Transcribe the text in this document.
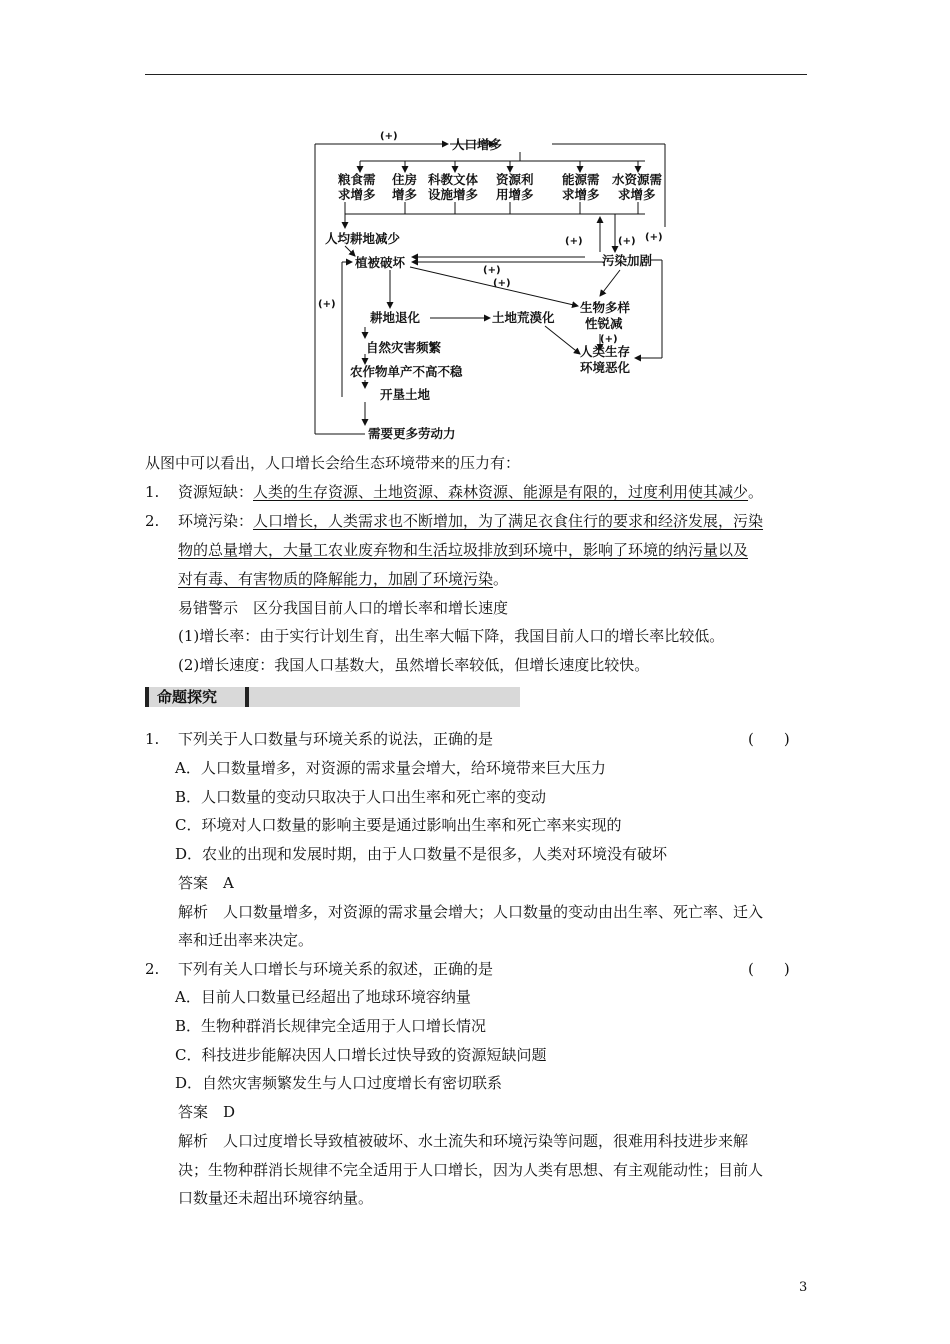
(+)
人口增多
粮食需
求增多
住房
增多
科教文体
设施增多
资源利
用增多
能源需
求增多
水资源需
求增多
人均耕地减少
植被破坏	污染加剧
(+)	(+) (+)
(+)
(+)
(+)	生物多样
性锐减
耕地退化	土地荒漠化
(+)
自然灾害频繁	人类生存
环境恶化
农作物单产不高不稳
开垦土地
需要更多劳动力
从图中可以看出，人口增长会给生态环境带来的压力有：
1. 资源短缺：人类的生存资源、土地资源、森林资源、能源是有限的，过度利用使其减少。
2. 环境污染：人口增长，人类需求也不断增加，为了满足衣食住行的要求和经济发展，污染
物的总量增大，大量工农业废弃物和生活垃圾排放到环境中，影响了环境的纳污量以及
对有毒、有害物质的降解能力，加剧了环境污染。
易错警示　区分我国目前人口的增长率和增长速度
(1)增长率：由于实行计划生育，出生率大幅下降，我国目前人口的增长率比较低。
(2)增长速度：我国人口基数大，虽然增长率较低，但增长速度比较快。
命题探究
1. 下列关于人口数量与环境关系的说法，正确的是	(　　)
A．人口数量增多，对资源的需求量会增大，给环境带来巨大压力
B．人口数量的变动只取决于人口出生率和死亡率的变动
C．环境对人口数量的影响主要是通过影响出生率和死亡率来实现的
D．农业的出现和发展时期，由于人口数量不是很多，人类对环境没有破坏
答案　A
解析　人口数量增多，对资源的需求量会增大；人口数量的变动由出生率、死亡率、迁入
率和迁出率来决定。
2. 下列有关人口增长与环境关系的叙述，正确的是	(　　)
A．目前人口数量已经超出了地球环境容纳量
B．生物种群消长规律完全适用于人口增长情况
C．科技进步能解决因人口增长过快导致的资源短缺问题
D．自然灾害频繁发生与人口过度增长有密切联系
答案　D
解析　人口过度增长导致植被破坏、水土流失和环境污染等问题，很难用科技进步来解
决；生物种群消长规律不完全适用于人口增长，因为人类有思想、有主观能动性；目前人
口数量还未超出环境容纳量。
3
